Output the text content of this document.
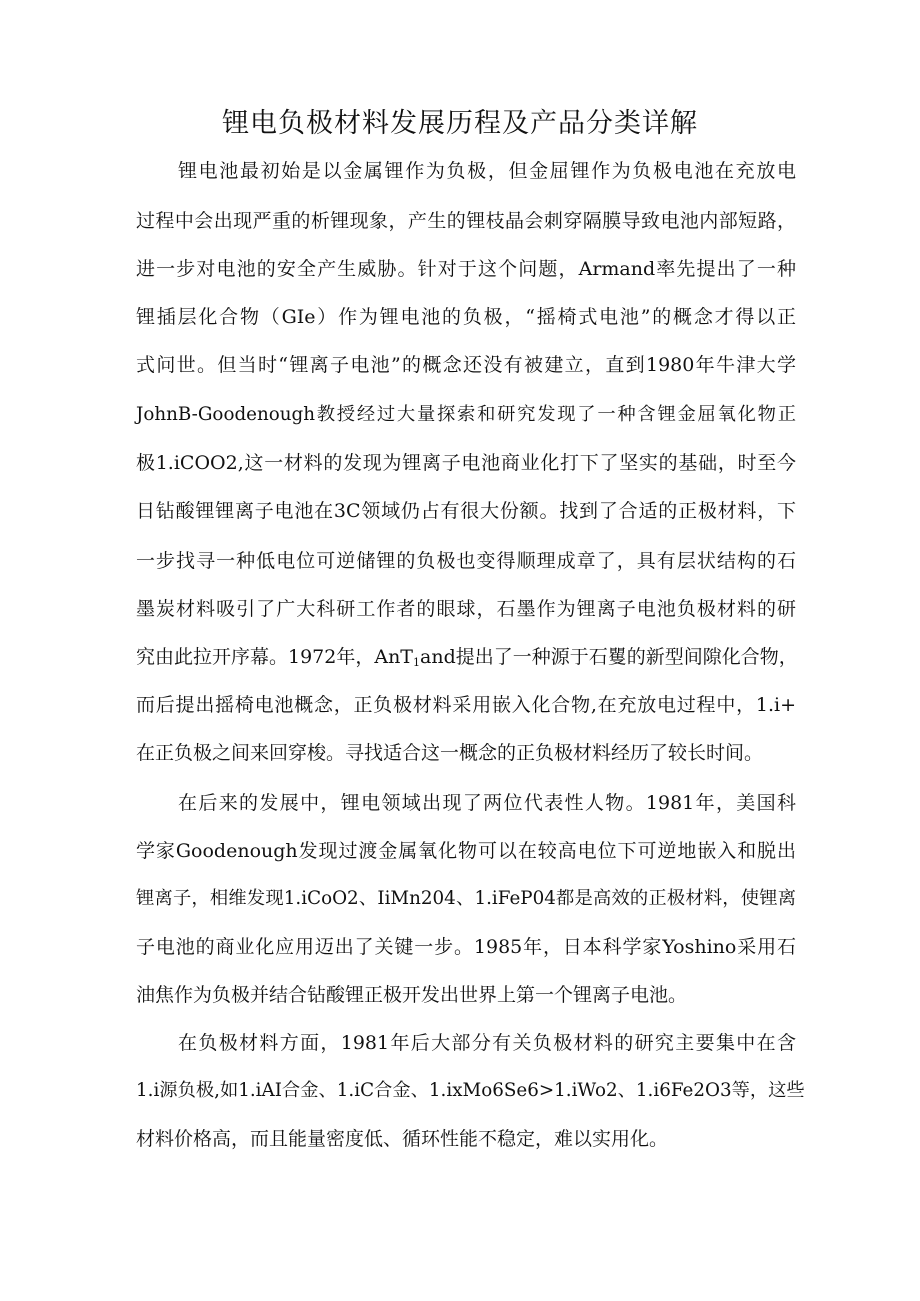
锂电负极材料发展历程及产品分类详解
锂电池最初始是以金属锂作为负极，但金屈锂作为负极电池在充放电
过程中会出现严重的析锂现象，产生的锂枝晶会刺穿隔膜导致电池内部短路，
进一步对电池的安全产生威胁。针对于这个问题，Armand率先提出了一种
锂插层化合物（GIe）作为锂电池的负极，“摇椅式电池”的概念才得以正
式问世。但当时“锂离子电池”的概念还没有被建立，直到1980年牛津大学
JohnB-Goodenough教授经过大量探索和研究发现了一种含锂金屈氧化物正
极1.iCOO2,这一材料的发现为锂离子电池商业化打下了坚实的基础，时至今
日钻酸锂锂离子电池在3C领域仍占有很大份额。找到了合适的正极材料，下
一步找寻一种低电位可逆储锂的负极也变得顺理成章了，具有层状结构的石
墨炭材料吸引了广大科研工作者的眼球，石墨作为锂离子电池负极材料的研
究由此拉开序幕。1972年，AnT$_1$and提出了一种源于石矍的新型间隙化合物，
而后提出摇椅电池概念，正负极材料采用嵌入化合物,在充放电过程中，1.i+
在正负极之间来回穿梭。寻找适合这一概念的正负极材料经历了较长时间。
在后来的发展中，锂电领域出现了两位代表性人物。1981年，美国科
学家Goodenough发现过渡金属氧化物可以在较高电位下可逆地嵌入和脱出
锂离子，相维发现1.iCoO2、IiMn204、1.iFeP04都是高效的正极材料，使锂离
子电池的商业化应用迈出了关键一步。1985年，日本科学家Yoshino采用石
油焦作为负极并结合钻酸锂正极开发出世界上第一个锂离子电池。
在负极材料方面，1981年后大部分有关负极材料的研究主要集中在含
1.i源负极,如1.iAI合金、1.iC合金、1.ixMo6Se6>1.iWo2、1.i6Fe2O3等，这些
材料价格高，而且能量密度低、循环性能不稳定，难以实用化。
